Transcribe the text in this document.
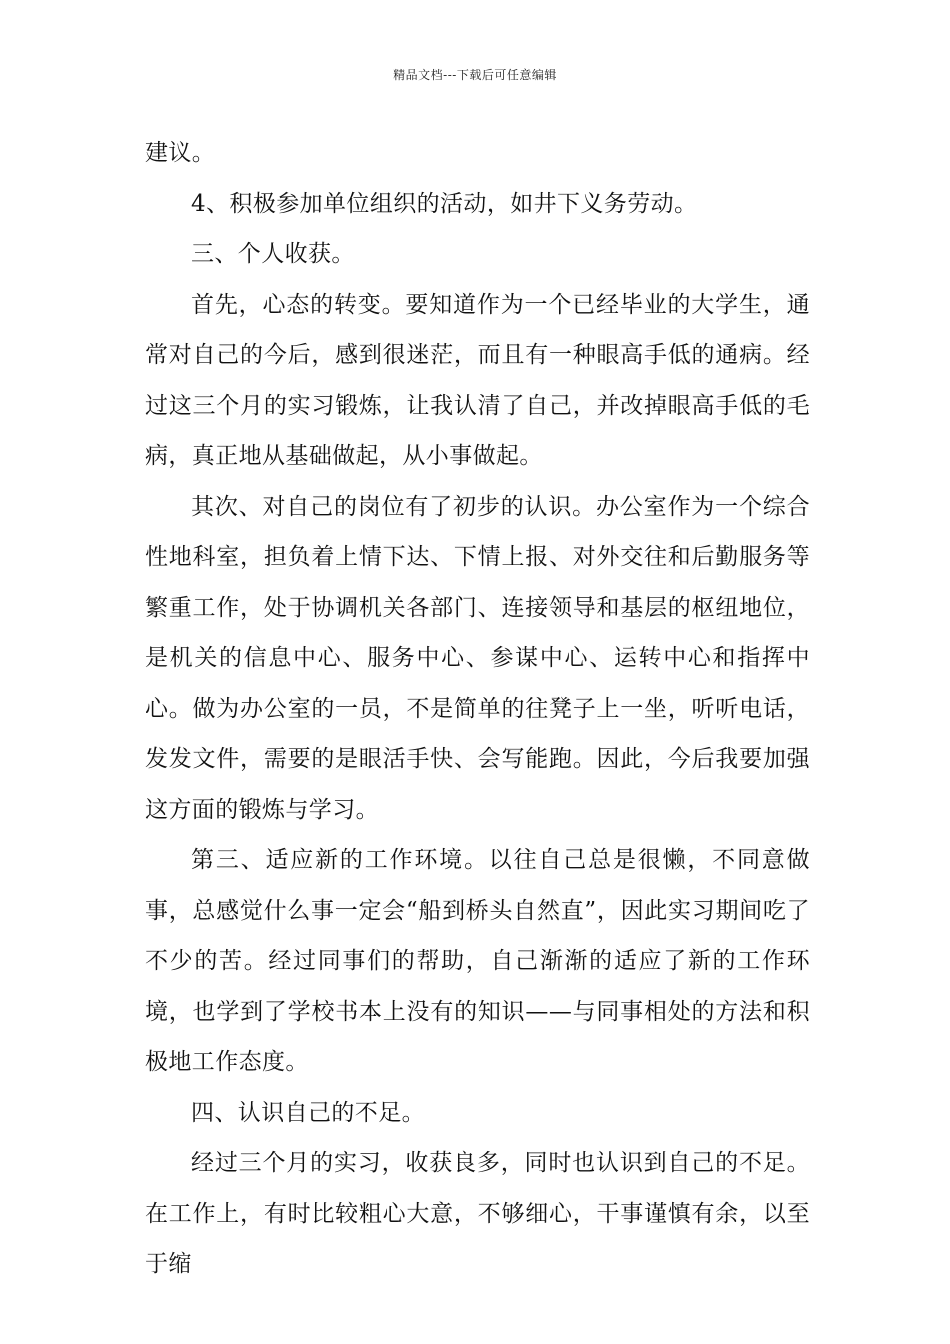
精品文档---下载后可任意编辑

建议。

4、积极参加单位组织的活动，如井下义务劳动。

三、个人收获。

首先，心态的转变。要知道作为一个已经毕业的大学生，通常对自己的今后，感到很迷茫，而且有一种眼高手低的通病。经过这三个月的实习锻炼，让我认清了自己，并改掉眼高手低的毛病，真正地从基础做起，从小事做起。

其次、对自己的岗位有了初步的认识。办公室作为一个综合性地科室，担负着上情下达、下情上报、对外交往和后勤服务等繁重工作，处于协调机关各部门、连接领导和基层的枢纽地位，是机关的信息中心、服务中心、参谋中心、运转中心和指挥中心。做为办公室的一员，不是简单的往凳子上一坐，听听电话，发发文件，需要的是眼活手快、会写能跑。因此，今后我要加强这方面的锻炼与学习。

第三、适应新的工作环境。以往自己总是很懒，不同意做事，总感觉什么事一定会“船到桥头自然直”，因此实习期间吃了不少的苦。经过同事们的帮助，自己渐渐的适应了新的工作环境，也学到了学校书本上没有的知识——与同事相处的方法和积极地工作态度。

四、认识自己的不足。

经过三个月的实习，收获良多，同时也认识到自己的不足。在工作上，有时比较粗心大意，不够细心，干事谨慎有余，以至于缩
